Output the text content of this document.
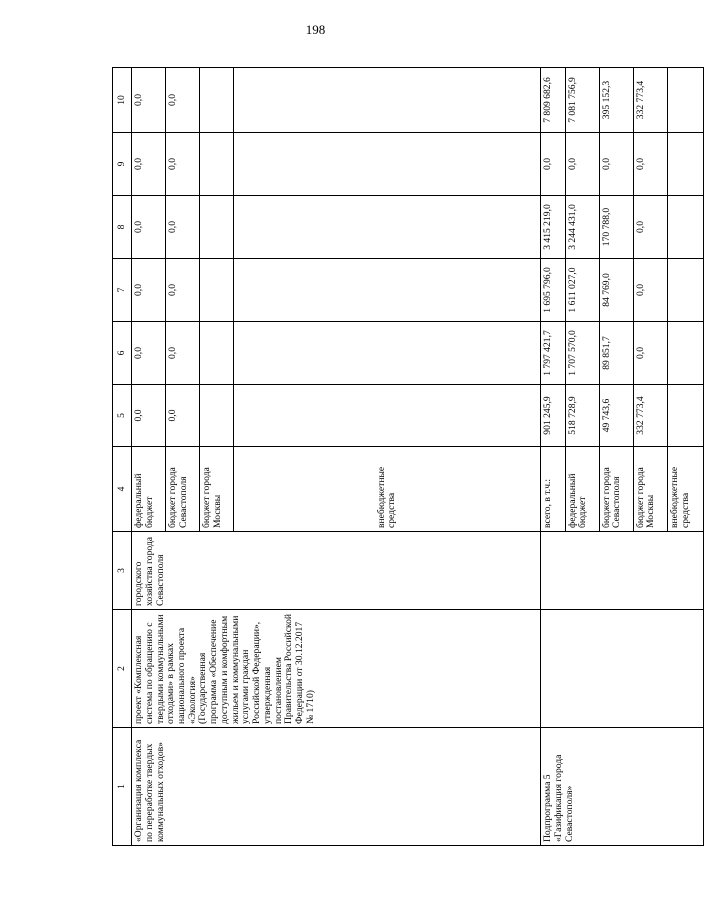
198
1	2	3	4	5	6	7	8	9	10
«Организация комплекса по переработке твердых коммунальных отходов»	проект «Комплексная система по обращению с твердыми коммунальными отходами» в рамках национального проекта «Экология» (Государственная программа «Обеспечение доступным и комфортным жильем и коммунальными услугами граждан Российской Федерации», утвержденная постановлением Правительства Российской Федерации от 30.12.2017 № 1710)	городского хозяйства города Севастополя	федеральный бюджет	0,0	0,0	0,0	0,0	0,0	0,0
			бюджет города Севастополя	0,0	0,0	0,0	0,0	0,0	0,0
			бюджет города Москвы						
			внебюджетные средства						
Подпрограмма 5 «Газификация города Севастополя»			всего, в т.ч.:	901 245,9	1 797 421,7	1 695 796,0	3 415 219,0	0,0	7 809 682,6
			федеральный бюджет	518 728,9	1 707 570,0	1 611 027,0	3 244 431,0	0,0	7 081 756,9
			бюджет города Севастополя	49 743,6	89 851,7	84 769,0	170 788,0	0,0	395 152,3
			бюджет города Москвы	332 773,4	0,0	0,0	0,0	0,0	332 773,4
			внебюджетные средства						
